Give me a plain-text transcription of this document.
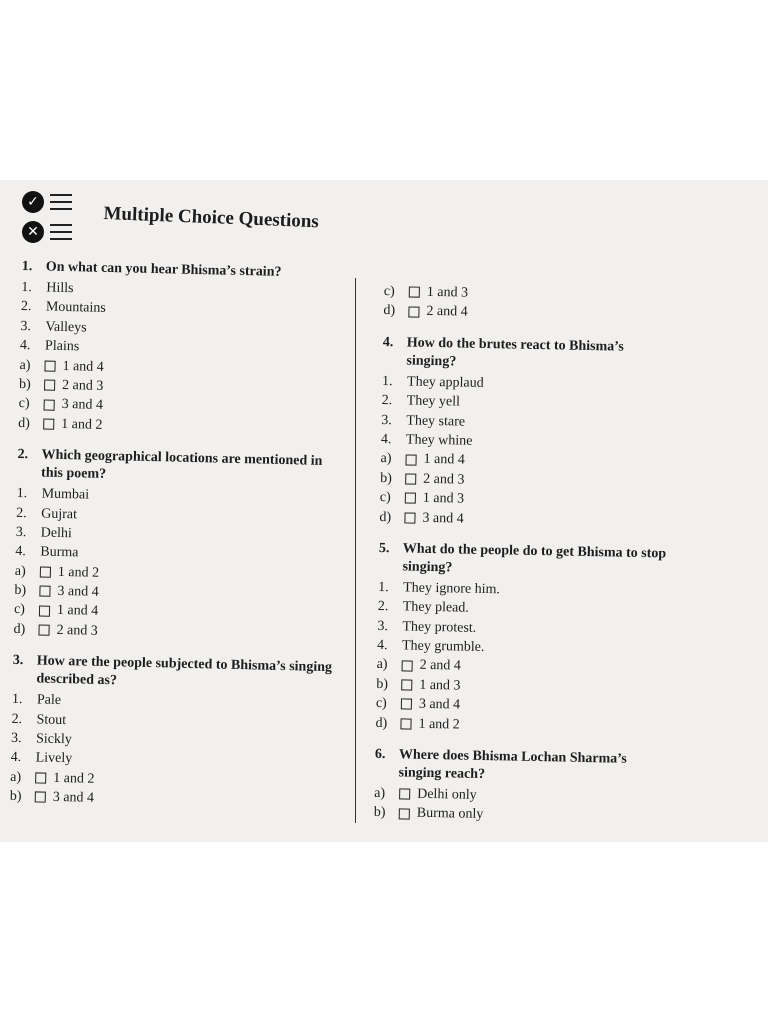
✓
✕	Multiple Choice Questions
1. On what can you hear Bhisma’s strain?
1.	Hills
2.	Mountains
3.	Valleys
4.	Plains
a)	1 and 4
b)	2 and 3
c)	3 and 4
d)	1 and 2
2. Which geographical locations are mentioned in this poem?
1.	Mumbai
2.	Gujrat
3.	Delhi
4.	Burma
a)	1 and 2
b)	3 and 4
c)	1 and 4
d)	2 and 3
3. How are the people subjected to Bhisma’s singing described as?
1.	Pale
2.	Stout
3.	Sickly
4.	Lively
a)	1 and 2
b)	3 and 4
c)	1 and 3
d)	2 and 4
4. How do the brutes react to Bhisma’s singing?
1.	They applaud
2.	They yell
3.	They stare
4.	They whine
a)	1 and 4
b)	2 and 3
c)	1 and 3
d)	3 and 4
5. What do the people do to get Bhisma to stop singing?
1.	They ignore him.
2.	They plead.
3.	They protest.
4.	They grumble.
a)	2 and 4
b)	1 and 3
c)	3 and 4
d)	1 and 2
6. Where does Bhisma Lochan Sharma’s singing reach?
a)	Delhi only
b)	Burma only
